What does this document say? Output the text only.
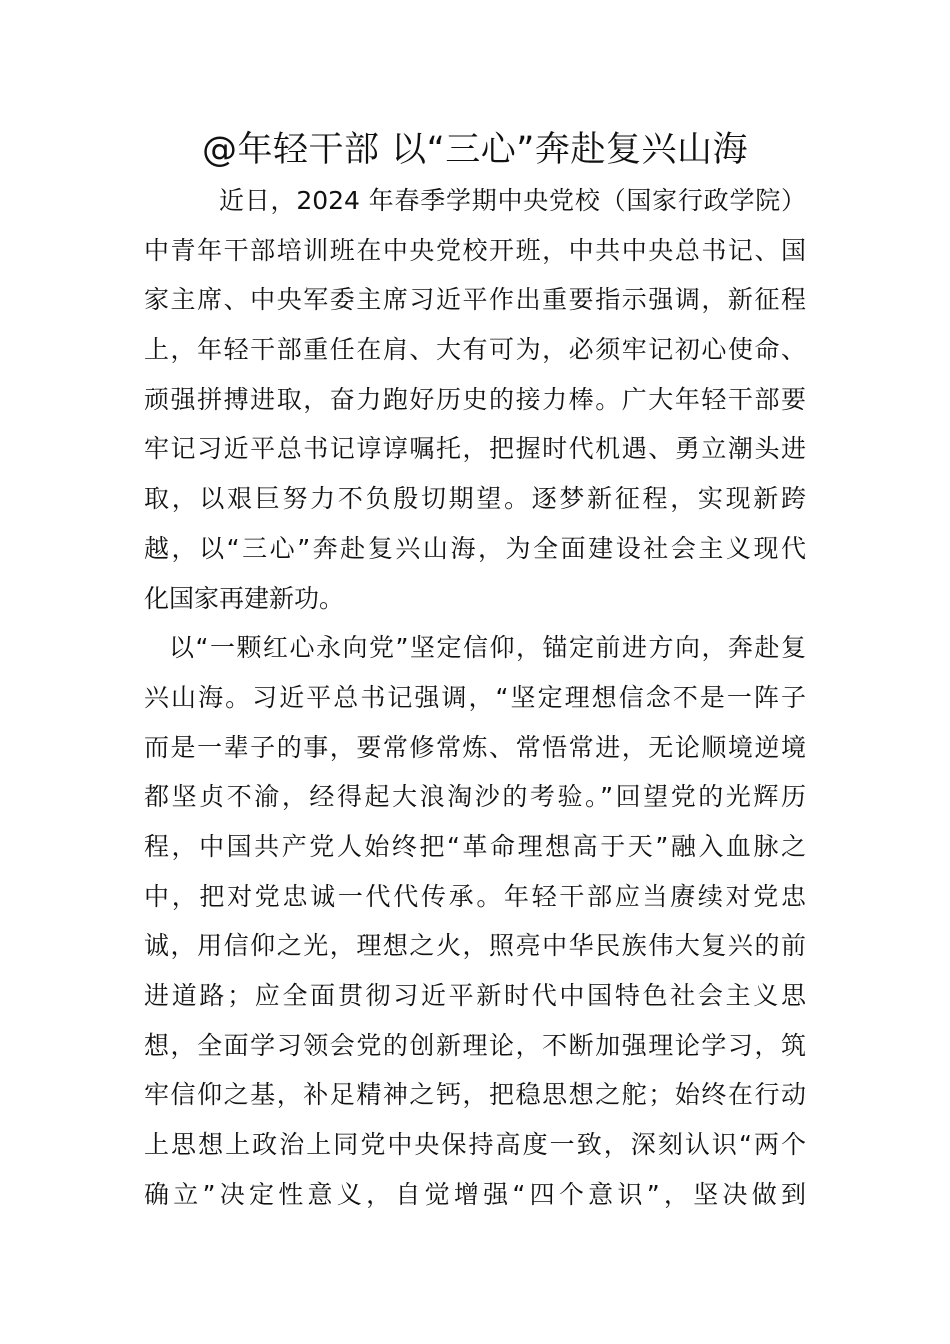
@年轻干部 以“三心”奔赴复兴山海
近日，2024 年春季学期中央党校（国家行政学院）
中青年干部培训班在中央党校开班，中共中央总书记、国
家主席、中央军委主席习近平作出重要指示强调，新征程
上，年轻干部重任在肩、大有可为，必须牢记初心使命、
顽强拼搏进取，奋力跑好历史的接力棒。广大年轻干部要
牢记习近平总书记谆谆嘱托，把握时代机遇、勇立潮头进
取，以艰巨努力不负殷切期望。逐梦新征程，实现新跨
越，以“三心”奔赴复兴山海，为全面建设社会主义现代
化国家再建新功。
以“一颗红心永向党”坚定信仰，锚定前进方向，奔赴复
兴山海。习近平总书记强调，“坚定理想信念不是一阵子
而是一辈子的事，要常修常炼、常悟常进，无论顺境逆境
都坚贞不渝，经得起大浪淘沙的考验。”回望党的光辉历
程，中国共产党人始终把“革命理想高于天”融入血脉之
中，把对党忠诚一代代传承。年轻干部应当赓续对党忠
诚，用信仰之光，理想之火，照亮中华民族伟大复兴的前
进道路；应全面贯彻习近平新时代中国特色社会主义思
想，全面学习领会党的创新理论，不断加强理论学习，筑
牢信仰之基，补足精神之钙，把稳思想之舵；始终在行动
上思想上政治上同党中央保持高度一致，深刻认识“两个
确立”决定性意义，自觉增强“四个意识”，坚决做到
